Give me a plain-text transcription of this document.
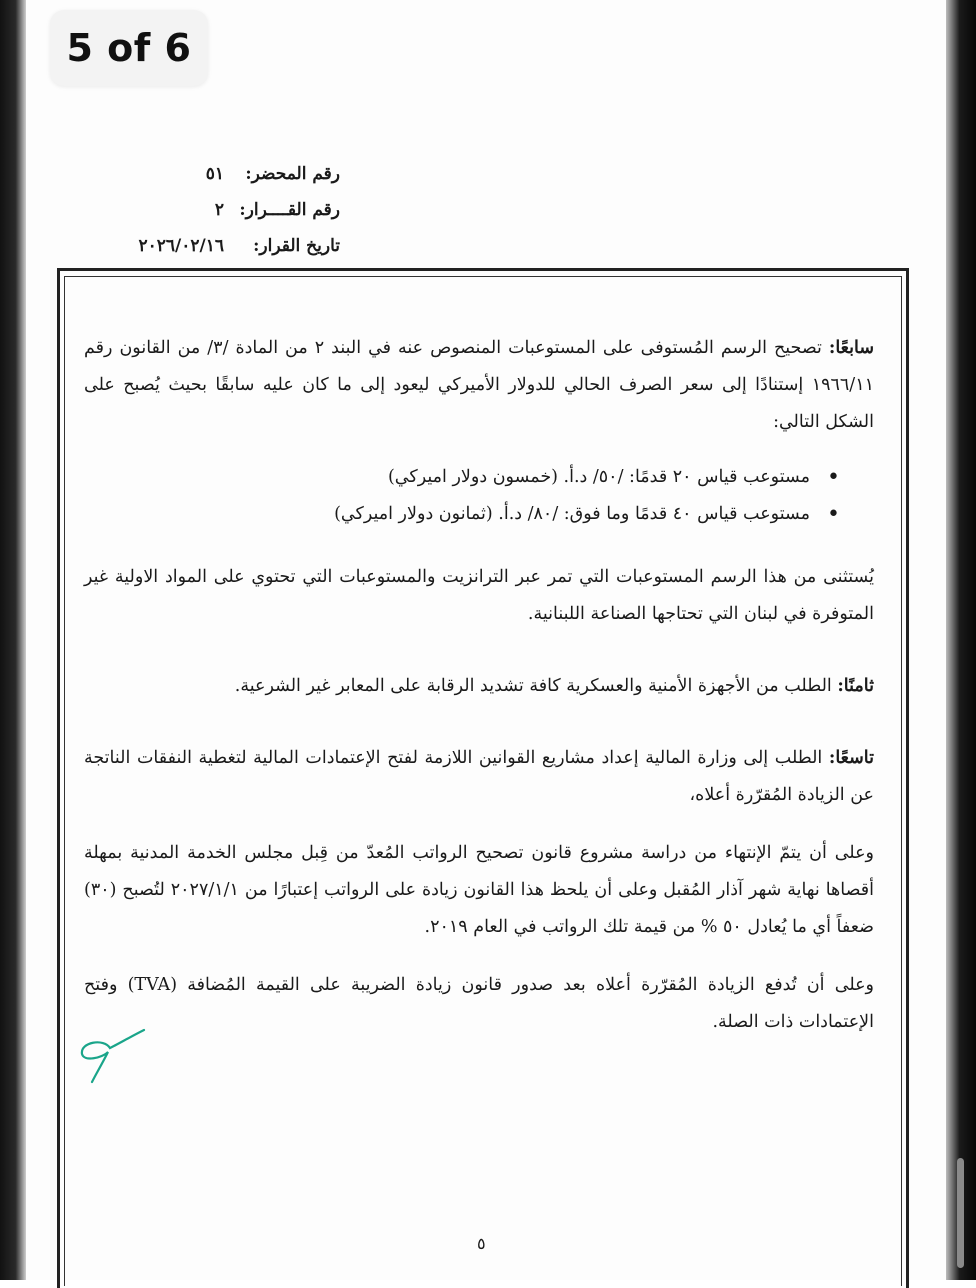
5 of 6
رقم المحضر:
٥١
رقم القــــرار:
٢
تاريخ القرار:
٢٠٢٦/٠٢/١٦

سابعًا: تصحيح الرسم المُستوفى على المستوعبات المنصوص عنه في البند ٢ من المادة /٣/ من القانون رقم ١٩٦٦/١١ إستنادًا إلى سعر الصرف الحالي للدولار الأميركي ليعود إلى ما كان عليه سابقًا بحيث يُصبح على الشكل التالي:

• مستوعب قياس ٢٠ قدمًا: /٥٠/ د.أ. (خمسون دولار اميركي)
• مستوعب قياس ٤٠ قدمًا وما فوق: /٨٠/ د.أ. (ثمانون دولار اميركي)

يُستثنى من هذا الرسم المستوعبات التي تمر عبر الترانزيت والمستوعبات التي تحتوي على المواد الاولية غير المتوفرة في لبنان التي تحتاجها الصناعة اللبنانية.

ثامنًا: الطلب من الأجهزة الأمنية والعسكرية كافة تشديد الرقابة على المعابر غير الشرعية.

تاسعًا: الطلب إلى وزارة المالية إعداد مشاريع القوانين اللازمة لفتح الإعتمادات المالية لتغطية النفقات الناتجة عن الزيادة المُقرّرة أعلاه،

وعلى أن يتمّ الإنتهاء من دراسة مشروع قانون تصحيح الرواتب المُعدّ من قِبل مجلس الخدمة المدنية بمهلة أقصاها نهاية شهر آذار المُقبل وعلى أن يلحظ هذا القانون زيادة على الرواتب إعتبارًا من ٢٠٢٧/١/١ لتُصبح (٣٠) ضعفاً أي ما يُعادل ٥٠ % من قيمة تلك الرواتب في العام ٢٠١٩.

وعلى أن تُدفع الزيادة المُقرّرة أعلاه بعد صدور قانون زيادة الضريبة على القيمة المُضافة (TVA) وفتح الإعتمادات ذات الصلة.

٥
